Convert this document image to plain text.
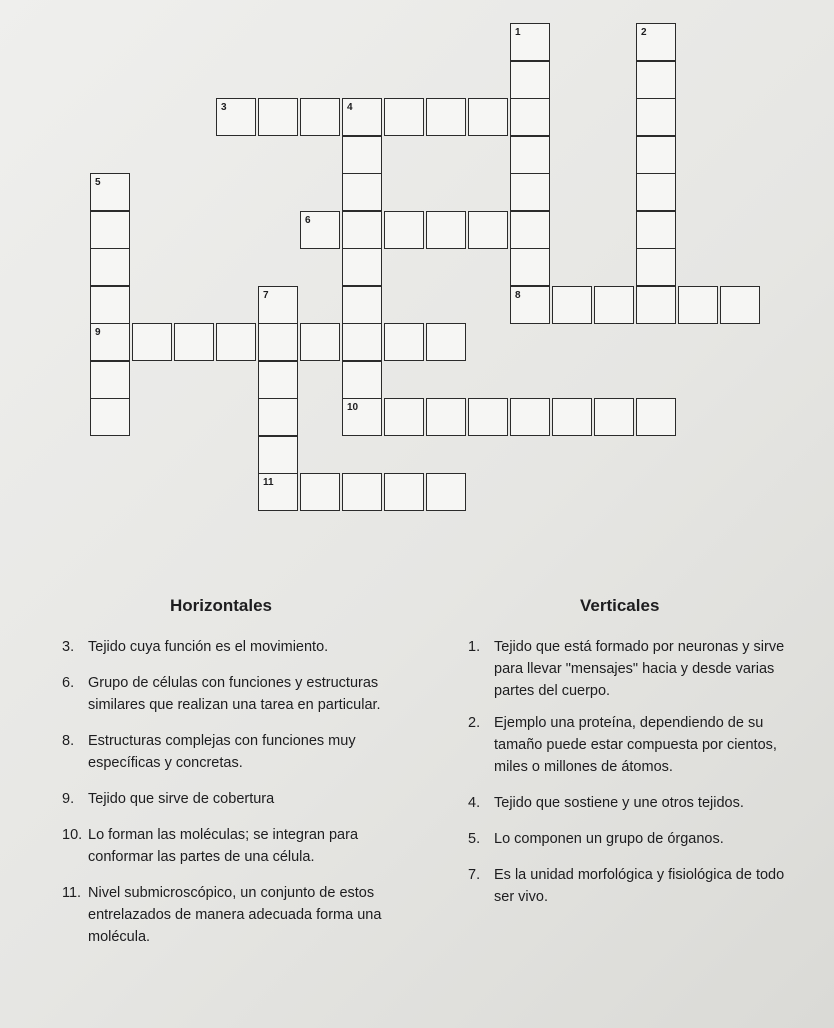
3	4
6
8
9
10
11
1	2
5
7
Horizontales	Verticales
3. Tejido cuya función es el movimiento.
6. Grupo de células con funciones y estructuras similares que realizan una tarea en particular.
8. Estructuras complejas con funciones muy específicas y concretas.
9. Tejido que sirve de cobertura
10. Lo forman las moléculas; se integran para conformar las partes de una célula.
11. Nivel submicroscópico, un conjunto de estos entrelazados de manera adecuada forma una molécula.
1. Tejido que está formado por neuronas y sirve para llevar "mensajes" hacia y desde varias partes del cuerpo.
2. Ejemplo una proteína, dependiendo de su tamaño puede estar compuesta por cientos, miles o millones de átomos.
4. Tejido que sostiene y une otros tejidos.
5. Lo componen un grupo de órganos.
7. Es la unidad morfológica y fisiológica de todo ser vivo.
